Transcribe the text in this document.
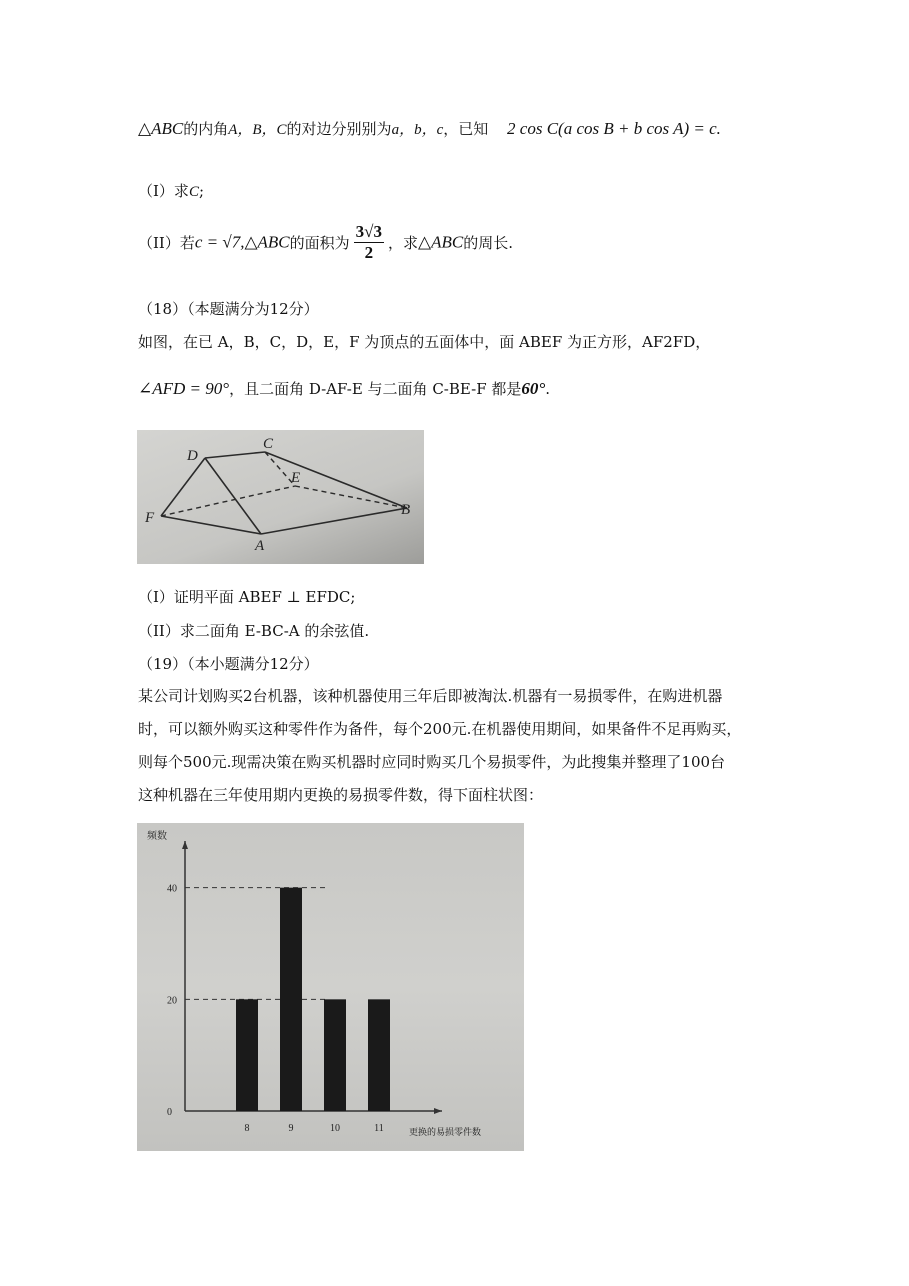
△ABC的内角A，B，C的对边分别别为a，b，c，已知 2 cos C(a cos B + b cos A) = c.
（I）求C;
（II）若c = √7,△ABC的面积为 $\frac{3√3}{2}$ ，求△ABC的周长.
（18）（本题满分为12分）
如图，在已 A，B，C，D，E，F 为顶点的五面体中，面 ABEF 为正方形，AF2FD，
∠AFD = 90°，且二面角 D-AF-E 与二面角 C-BE-F 都是60°.
D
C
E
F
A
B
（I）证明平面 ABEF ⊥ EFDC;
（II）求二面角 E-BC-A 的余弦值.
（19）（本小题满分12分）
某公司计划购买2台机器，该种机器使用三年后即被淘汰.机器有一易损零件，在购进机器
时，可以额外购买这种零件作为备件，每个200元.在机器使用期间，如果备件不足再购买，
则每个500元.现需决策在购买机器时应同时购买几个易损零件，为此搜集并整理了100台
这种机器在三年使用期内更换的易损零件数，得下面柱状图：
频数
更换的易损零件数
0
20
40
8	9	10	11
